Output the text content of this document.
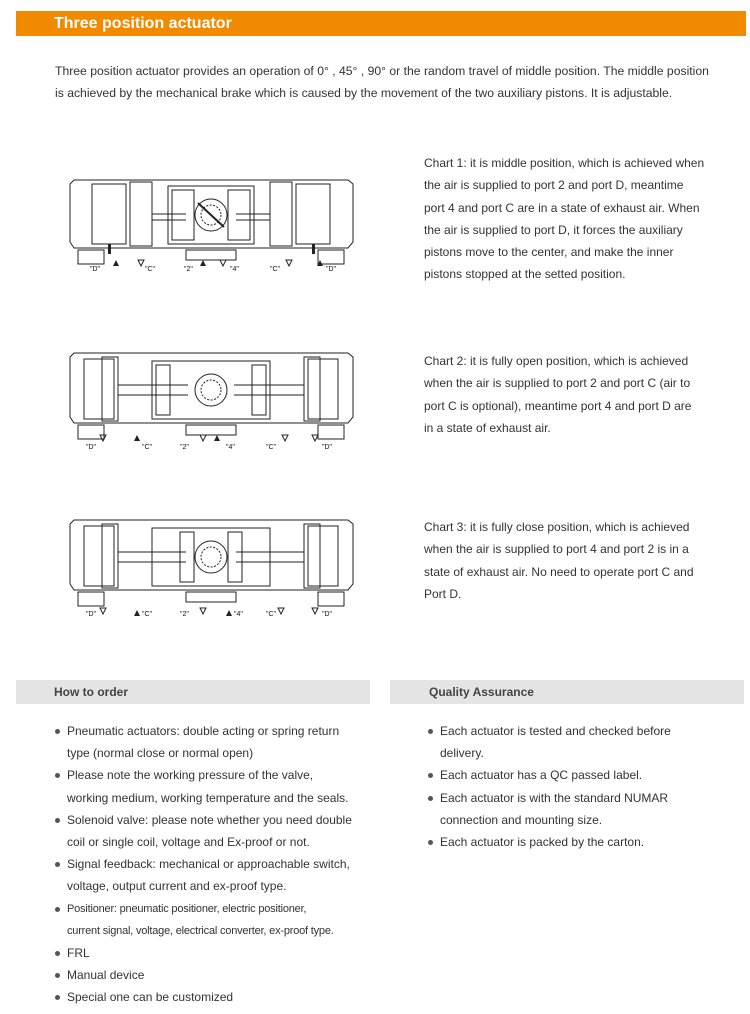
Three position actuator
Three position actuator provides an operation of 0° , 45° , 90° or the random travel of middle position. The middle position
is achieved by the mechanical brake which is caused by the movement of the two auxiliary pistons. It is adjustable.
"D"	"C"	"2"	"4"	"C"	"D"
Chart 1: it is middle position, which is achieved when
the air is supplied to port 2 and port D, meantime
port 4 and port C are in a state of exhaust air. When
the air is supplied to port D, it forces the auxiliary
pistons move to the center, and make the inner
pistons stopped at the setted position.
"D"	"C"	"2"	"4"	"C"	"D"
Chart 2: it is fully open position, which is achieved
when the air is supplied to port 2 and port C (air to
port C is optional), meantime port 4 and port D are
in a state of exhaust air.
"D"	"C"	"2"	"4"	"C"	"D"
Chart 3: it is fully close position, which is achieved
when the air is supplied to port 4 and port 2 is in a
state of exhaust air. No need to operate port C and
Port D.
How to order
Pneumatic actuators: double acting or spring return
type (normal close or normal open)
Please note the working pressure of the valve,
working medium, working temperature and the seals.
Solenoid valve: please note whether you need double
coil or single coil, voltage and Ex-proof or not.
Signal feedback: mechanical or approachable switch,
voltage, output current and ex-proof type.
Positioner: pneumatic positioner, electric positioner,
current signal, voltage, electrical converter, ex-proof type.
FRL
Manual device
Special one can be customized
Quality Assurance
Each actuator is tested and checked before
delivery.
Each actuator has a QC passed label.
Each actuator is with the standard NUMAR
connection and mounting size.
Each actuator is packed by the carton.
